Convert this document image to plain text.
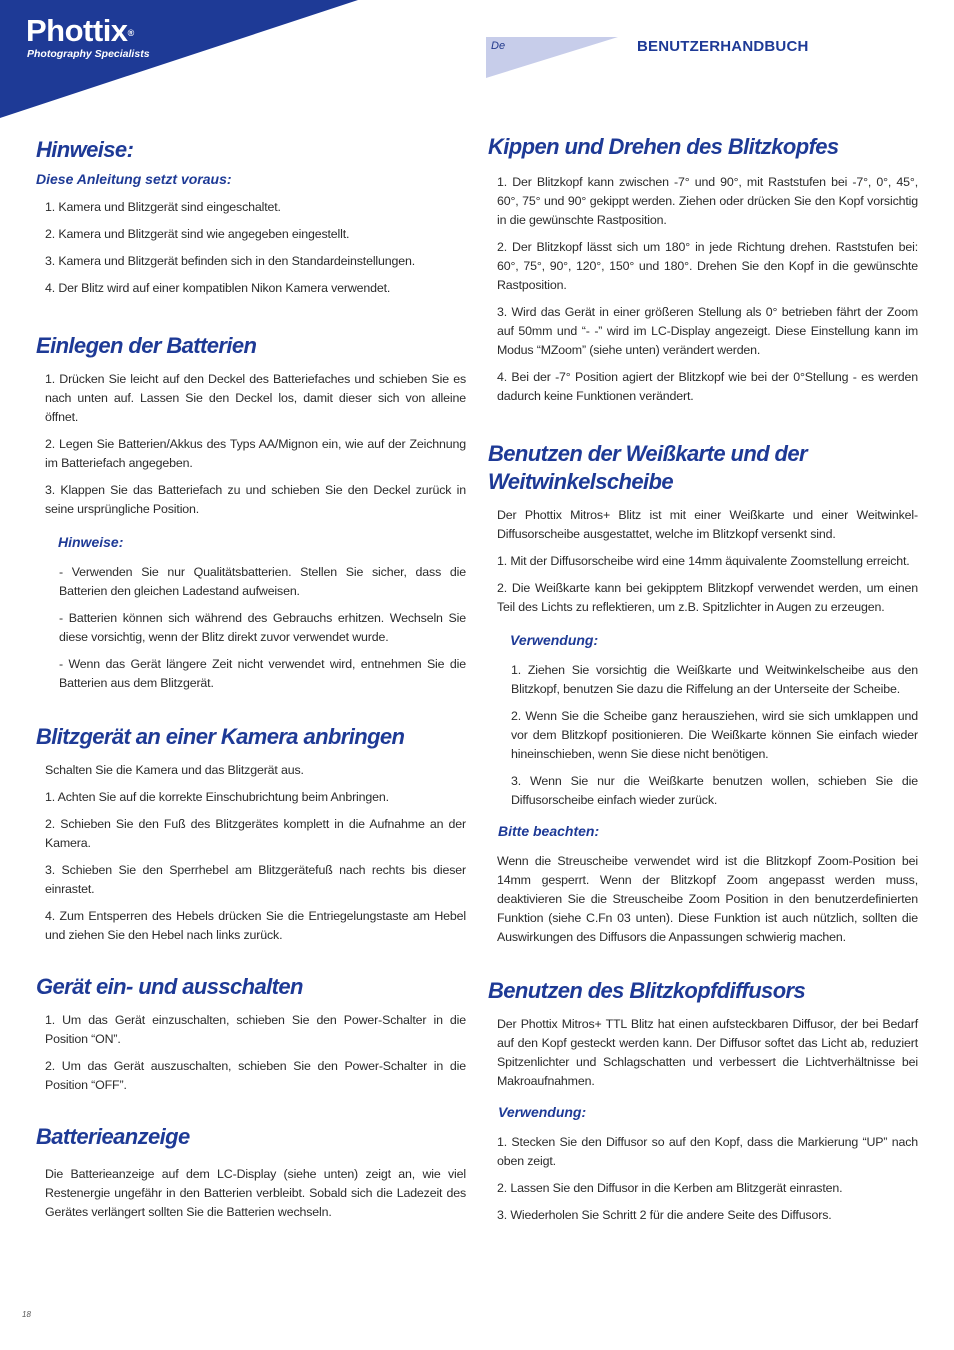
Phottix®
Photography Specialists
De	BENUTZERHANDBUCH
Hinweise:
Diese Anleitung setzt voraus:
1. Kamera und Blitzgerät sind eingeschaltet.
2. Kamera und Blitzgerät sind wie angegeben eingestellt.
3. Kamera und Blitzgerät befinden sich in den Standardeinstellungen.
4. Der Blitz wird auf einer kompatiblen Nikon Kamera verwendet.
Einlegen der Batterien
1. Drücken Sie leicht auf den Deckel des Batteriefaches und schieben Sie es nach unten auf. Lassen Sie den Deckel los, damit dieser sich von alleine öffnet.
2. Legen Sie Batterien/Akkus des Typs AA/Mignon ein, wie auf der Zeichnung im Batteriefach angegeben.
3. Klappen Sie das Batteriefach zu und schieben Sie den Deckel zurück in seine ursprüngliche Position.
Hinweise:
- Verwenden Sie nur Qualitätsbatterien. Stellen Sie sicher, dass die Batterien den gleichen Ladestand aufweisen.
- Batterien können sich während des Gebrauchs erhitzen. Wechseln Sie diese vorsichtig, wenn der Blitz direkt zuvor verwendet wurde.
- Wenn das Gerät längere Zeit nicht verwendet wird, entnehmen Sie die Batterien aus dem Blitzgerät.
Blitzgerät an einer Kamera anbringen
Schalten Sie die Kamera und das Blitzgerät aus.
1. Achten Sie auf die korrekte Einschubrichtung beim Anbringen.
2. Schieben Sie den Fuß des Blitzgerätes komplett in die Aufnahme an der Kamera.
3. Schieben Sie den Sperrhebel am Blitzgerätefuß nach rechts bis dieser einrastet.
4. Zum Entsperren des Hebels drücken Sie die Entriegelungstaste am Hebel und ziehen Sie den Hebel nach links zurück.
Gerät ein- und ausschalten
1. Um das Gerät einzuschalten, schieben Sie den Power-Schalter in die Position “ON”.
2. Um das Gerät auszuschalten, schieben Sie den Power-Schalter in die Position “OFF”.
Batterieanzeige
Die Batterieanzeige auf dem LC-Display (siehe unten) zeigt an, wie viel Restenergie ungefähr in den Batterien verbleibt. Sobald sich die Ladezeit des Gerätes verlängert sollten Sie die Batterien wechseln.
Kippen und Drehen des Blitzkopfes
1. Der Blitzkopf kann zwischen -7° und 90°, mit Raststufen bei -7°, 0°, 45°, 60°, 75° und 90° gekippt werden. Ziehen oder drücken Sie den Kopf vorsichtig in die gewünschte Rastposition.
2. Der Blitzkopf lässt sich um 180° in jede Richtung drehen. Raststufen bei: 60°, 75°, 90°, 120°, 150° und 180°. Drehen Sie den Kopf in die gewünschte Rastposition.
3. Wird das Gerät in einer größeren Stellung als 0° betrieben fährt der Zoom auf 50mm und “- -” wird im LC-Display angezeigt. Diese Einstellung kann im Modus “MZoom” (siehe unten) verändert werden.
4. Bei der -7° Position agiert der Blitzkopf wie bei der 0°Stellung - es werden dadurch keine Funktionen verändert.
Benutzen der Weißkarte und der Weitwinkelscheibe
Der Phottix Mitros+ Blitz ist mit einer Weißkarte und einer Weitwinkel-Diffusorscheibe ausgestattet, welche im Blitzkopf versenkt sind.
1. Mit der Diffusorscheibe wird eine 14mm äquivalente Zoomstellung erreicht.
2. Die Weißkarte kann bei gekipptem Blitzkopf verwendet werden, um einen Teil des Lichts zu reflektieren, um z.B. Spitzlichter in Augen zu erzeugen.
Verwendung:
1. Ziehen Sie vorsichtig die Weißkarte und Weitwinkelscheibe aus den Blitzkopf, benutzen Sie dazu die Riffelung an der Unterseite der Scheibe.
2. Wenn Sie die Scheibe ganz herausziehen, wird sie sich umklappen und vor dem Blitzkopf positionieren. Die Weißkarte können Sie einfach wieder hineinschieben, wenn Sie diese nicht benötigen.
3. Wenn Sie nur die Weißkarte benutzen wollen, schieben Sie die Diffusorscheibe einfach wieder zurück.
Bitte beachten:
Wenn die Streuscheibe verwendet wird ist die Blitzkopf Zoom-Position bei 14mm gesperrt. Wenn der Blitzkopf Zoom angepasst werden muss, deaktivieren Sie die Streuscheibe Zoom Position in den benutzerdefinierten Funktion (siehe C.Fn 03 unten). Diese Funktion ist auch nützlich, sollten die Auswirkungen des Diffusors die Anpassungen schwierig machen.
Benutzen des Blitzkopfdiffusors
Der Phottix Mitros+ TTL Blitz hat einen aufsteckbaren Diffusor, der bei Bedarf auf den Kopf gesteckt werden kann. Der Diffusor softet das Licht ab, reduziert Spitzenlichter und Schlagschatten und verbessert die Lichtverhältnisse bei Makroaufnahmen.
Verwendung:
1. Stecken Sie den Diffusor so auf den Kopf, dass die Markierung “UP” nach oben zeigt.
2. Lassen Sie den Diffusor in die Kerben am Blitzgerät einrasten.
3. Wiederholen Sie Schritt 2 für die andere Seite des Diffusors.
18
